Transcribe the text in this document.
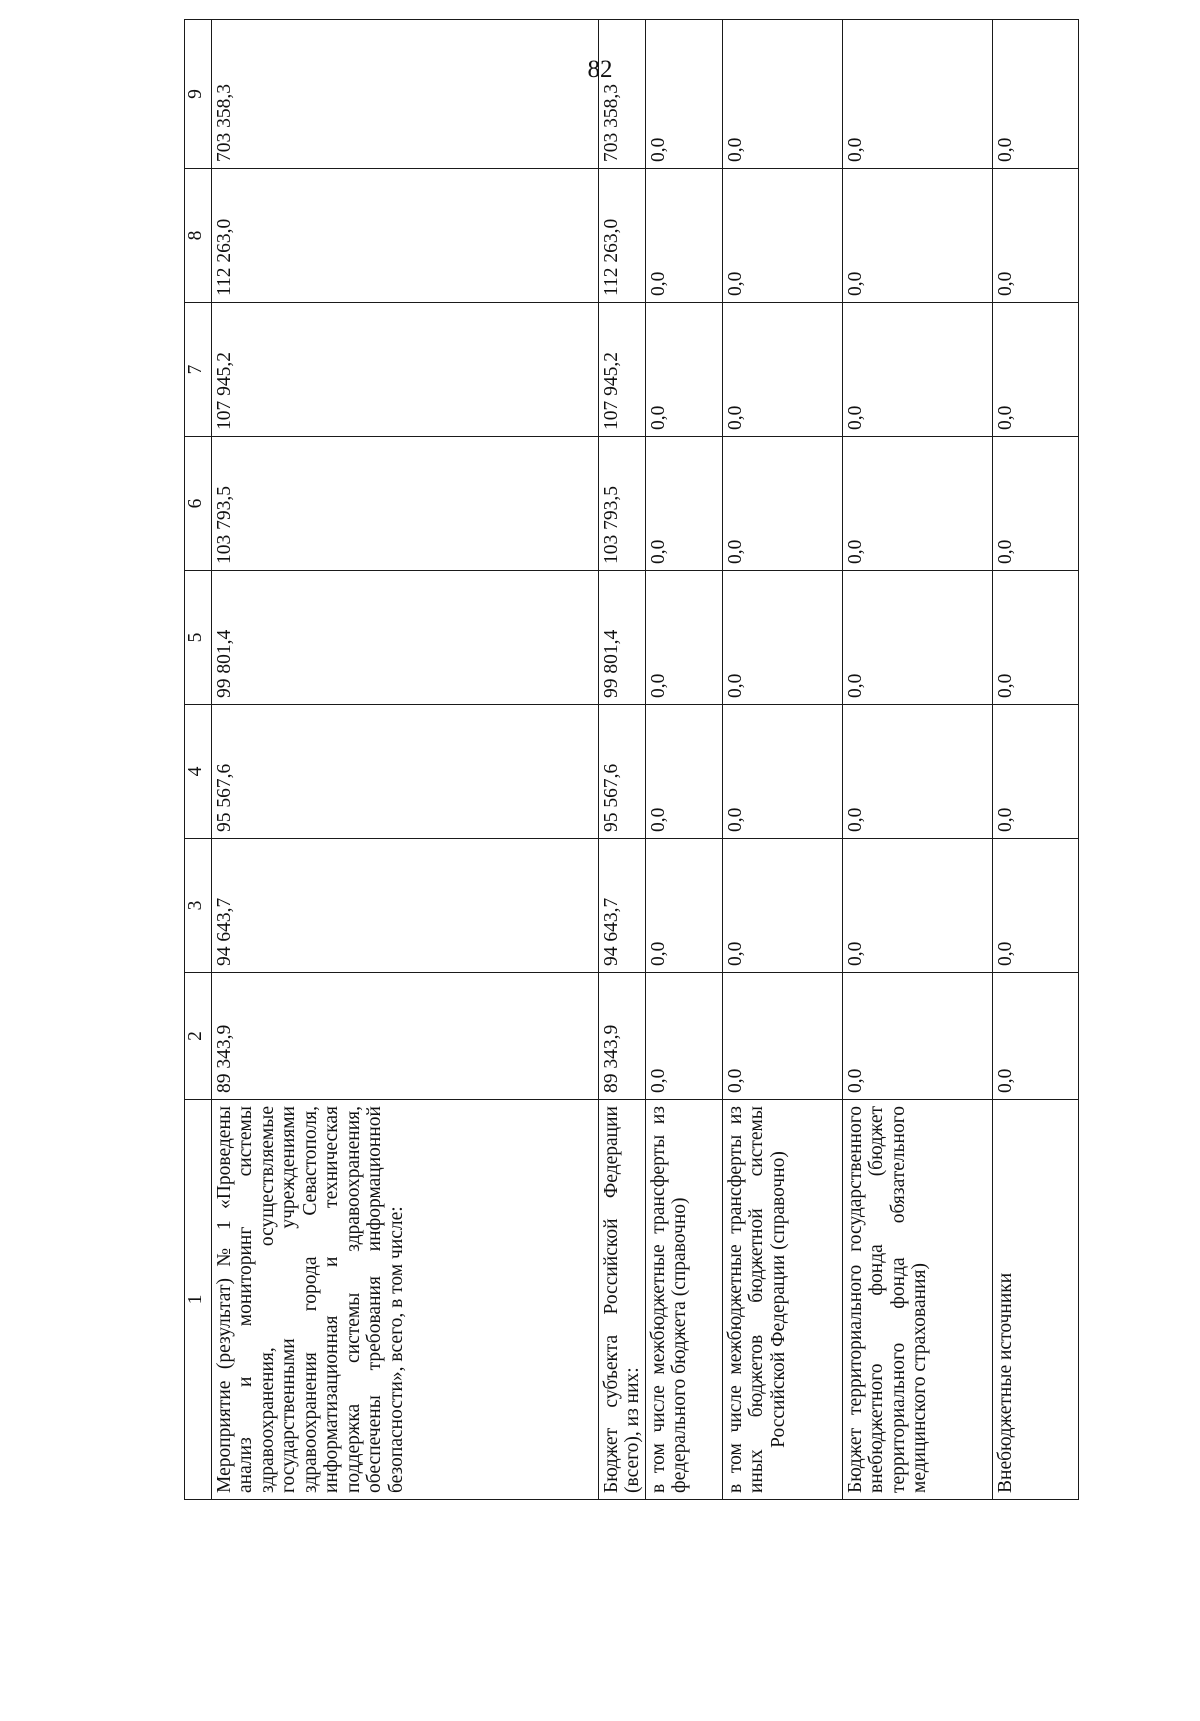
82
1	2	3	4	5	6	7	8	9
Мероприятие (результат) № 1 «Проведены анализ и мониторинг системы здравоохранения, осуществляемые государственными учреждениями здравоохранения города Севастополя, информатизационная и техническая поддержка системы здравоохранения, обеспечены требования информационной безопасности», всего, в том числе:	89 343,9	94 643,7	95 567,6	99 801,4	103 793,5	107 945,2	112 263,0	703 358,3
Бюджет субъекта Российской Федерации (всего), из них:	89 343,9	94 643,7	95 567,6	99 801,4	103 793,5	107 945,2	112 263,0	703 358,3
в том числе межбюджетные трансферты из федерального бюджета (справочно)	0,0	0,0	0,0	0,0	0,0	0,0	0,0	0,0
в том числе межбюджетные трансферты из иных бюджетов бюджетной системы Российской Федерации (справочно)	0,0	0,0	0,0	0,0	0,0	0,0	0,0	0,0
Бюджет территориального государственного внебюджетного фонда (бюджет территориального фонда обязательного медицинского страхования)	0,0	0,0	0,0	0,0	0,0	0,0	0,0	0,0
Внебюджетные источники	0,0	0,0	0,0	0,0	0,0	0,0	0,0	0,0
